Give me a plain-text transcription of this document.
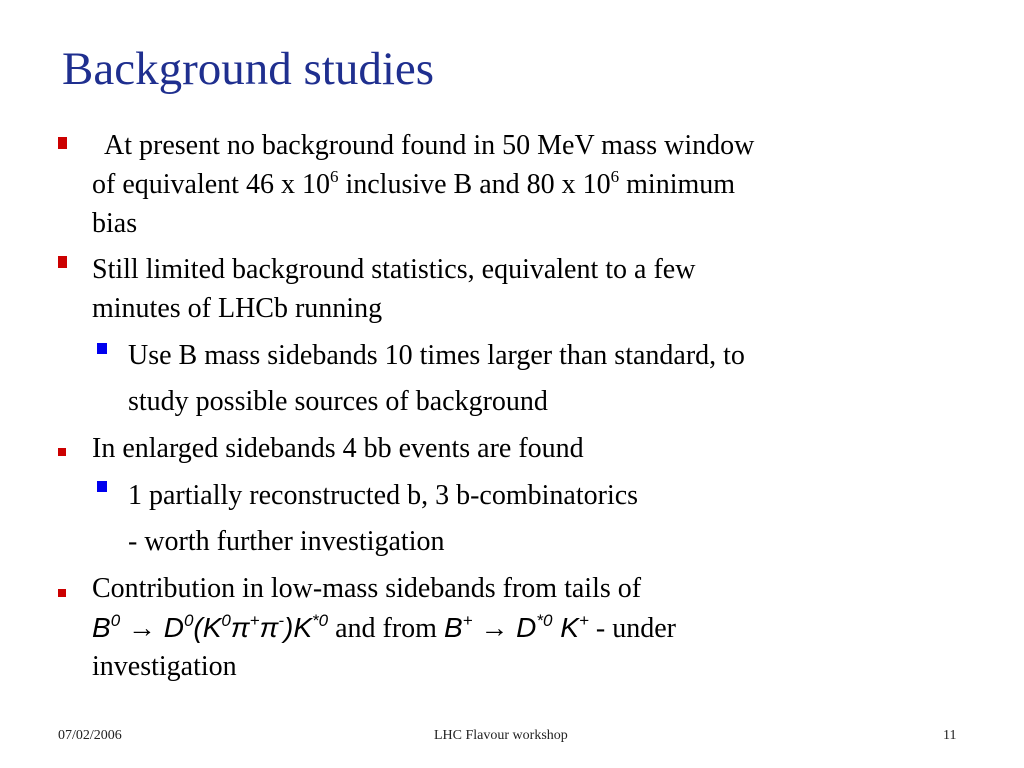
Background studies
At present no background found in 50 MeV mass window
of equivalent 46 x $10^6$ inclusive B and 80 x $10^6$ minimum
bias
Still limited background statistics, equivalent to a few
minutes of LHCb running
Use B mass sidebands 10 times larger than standard, to
study possible sources of background
In enlarged sidebands 4 bb events are found
1 partially reconstructed b, 3 b-combinatorics
- worth further investigation
Contribution in low-mass sidebands from tails of
$B^0 \to D^0(K^0\pi^+\pi^-)K^{*0}$ and from $B^+ \to D^{*0}$ K+ - under
investigation
07/02/2006	LHC Flavour workshop	11
